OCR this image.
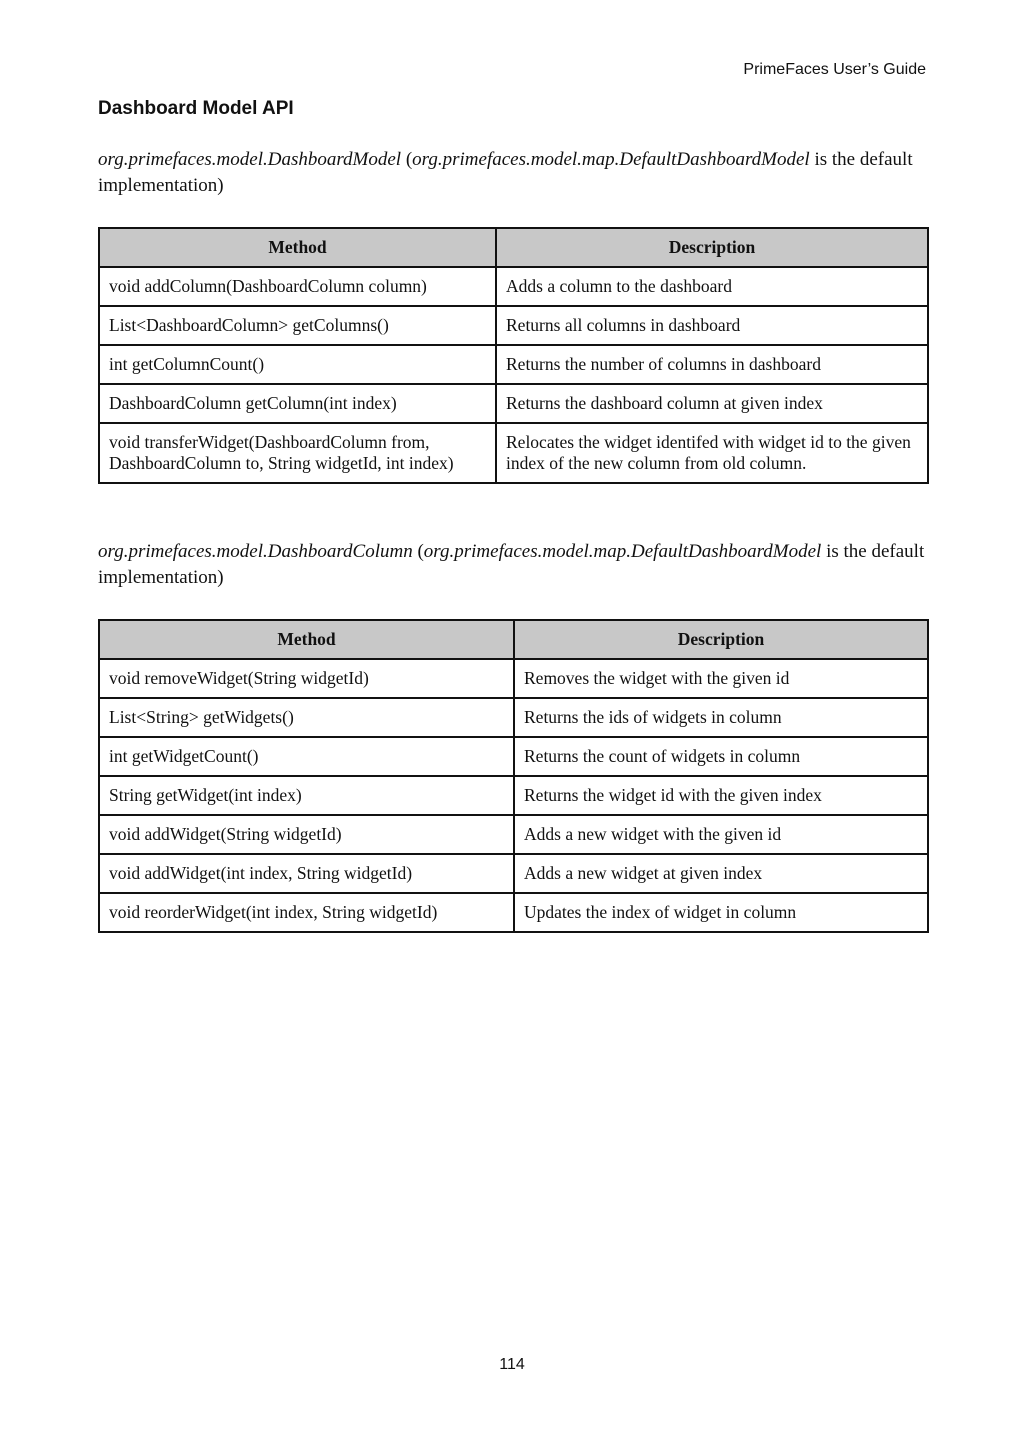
PrimeFaces User’s Guide
Dashboard Model API

org.primefaces.model.DashboardModel (org.primefaces.model.map.DefaultDashboardModel is the default implementation)

Method	Description
void addColumn(DashboardColumn column)	Adds a column to the dashboard
List<DashboardColumn> getColumns()	Returns all columns in dashboard
int getColumnCount()	Returns the number of columns in dashboard
DashboardColumn getColumn(int index)	Returns the dashboard column at given index
void transferWidget(DashboardColumn from, DashboardColumn to, String widgetId, int index)	Relocates the widget identifed with widget id to the given index of the new column from old column.

org.primefaces.model.DashboardColumn (org.primefaces.model.map.DefaultDashboardModel is the default implementation)

Method	Description
void removeWidget(String widgetId)	Removes the widget with the given id
List<String> getWidgets()	Returns the ids of widgets in column
int getWidgetCount()	Returns the count of widgets in column
String getWidget(int index)	Returns the widget id with the given index
void addWidget(String widgetId)	Adds a new widget with the given id
void addWidget(int index, String widgetId)	Adds a new widget at given index
void reorderWidget(int index, String widgetId)	Updates the index of widget in column
114
